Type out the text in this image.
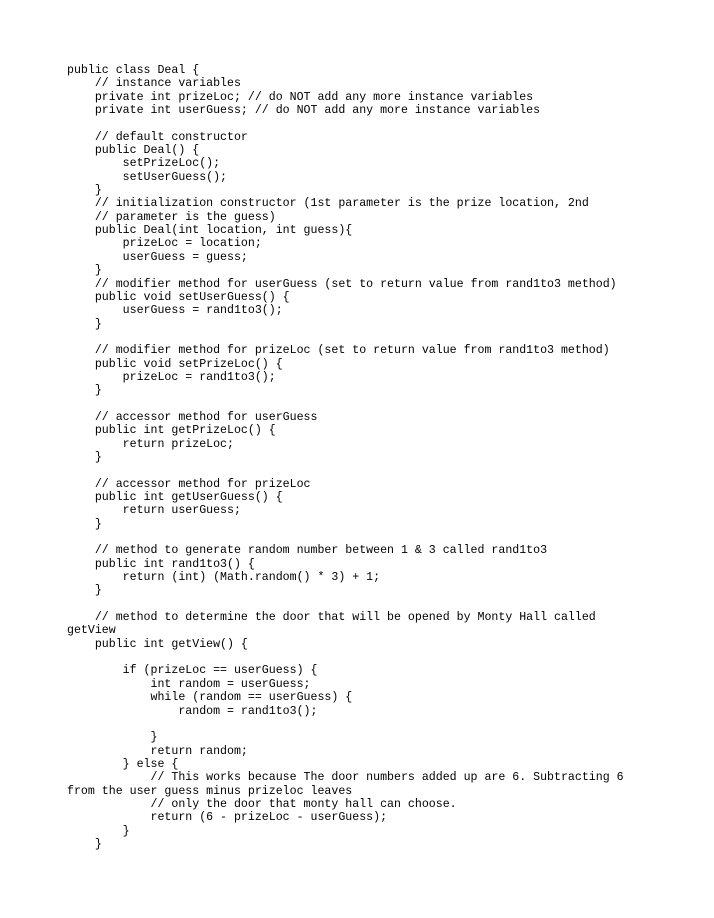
public class Deal {
// instance variables
private int prizeLoc; // do NOT add any more instance variables
private int userGuess; // do NOT add any more instance variables
// default constructor
public Deal() {
setPrizeLoc();
setUserGuess();
}
// initialization constructor (1st parameter is the prize location, 2nd
// parameter is the guess)
public Deal(int location, int guess){
prizeLoc = location;
userGuess = guess;
}
// modifier method for userGuess (set to return value from rand1to3 method)
public void setUserGuess() {
userGuess = rand1to3();
}
// modifier method for prizeLoc (set to return value from rand1to3 method)
public void setPrizeLoc() {
prizeLoc = rand1to3();
}
// accessor method for userGuess
public int getPrizeLoc() {
return prizeLoc;
}
// accessor method for prizeLoc
public int getUserGuess() {
return userGuess;
}
// method to generate random number between 1 & 3 called rand1to3
public int rand1to3() {
return (int) (Math.random() * 3) + 1;
}
// method to determine the door that will be opened by Monty Hall called
getView
public int getView() {
if (prizeLoc == userGuess) {
int random = userGuess;
while (random == userGuess) {
random = rand1to3();
}
return random;
} else {
// This works because The door numbers added up are 6. Subtracting 6
from the user guess minus prizeloc leaves
// only the door that monty hall can choose.
return (6 - prizeLoc - userGuess);
}
}
